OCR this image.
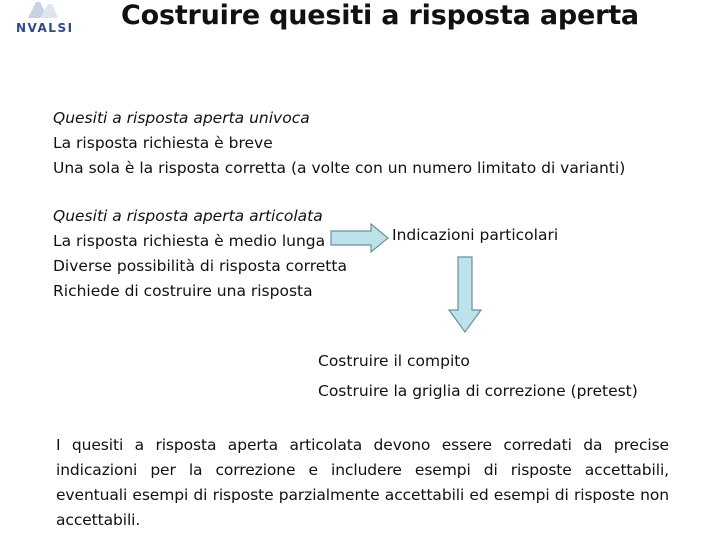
NVALSI Costruire quesiti a risposta aperta
Quesiti a risposta aperta univoca
La risposta richiesta è breve
Una sola è la risposta corretta (a volte con un numero limitato di varianti)
Quesiti a risposta aperta articolata
La risposta richiesta è medio lunga
Diverse possibilità di risposta corretta
Richiede di costruire una risposta
Indicazioni particolari
Costruire il compito
Costruire la griglia di correzione (pretest)
I quesiti a risposta aperta articolata devono essere corredati da precise indicazioni per la correzione e includere esempi di risposte accettabili, eventuali esempi di risposte parzialmente accettabili ed esempi di risposte non accettabili.
